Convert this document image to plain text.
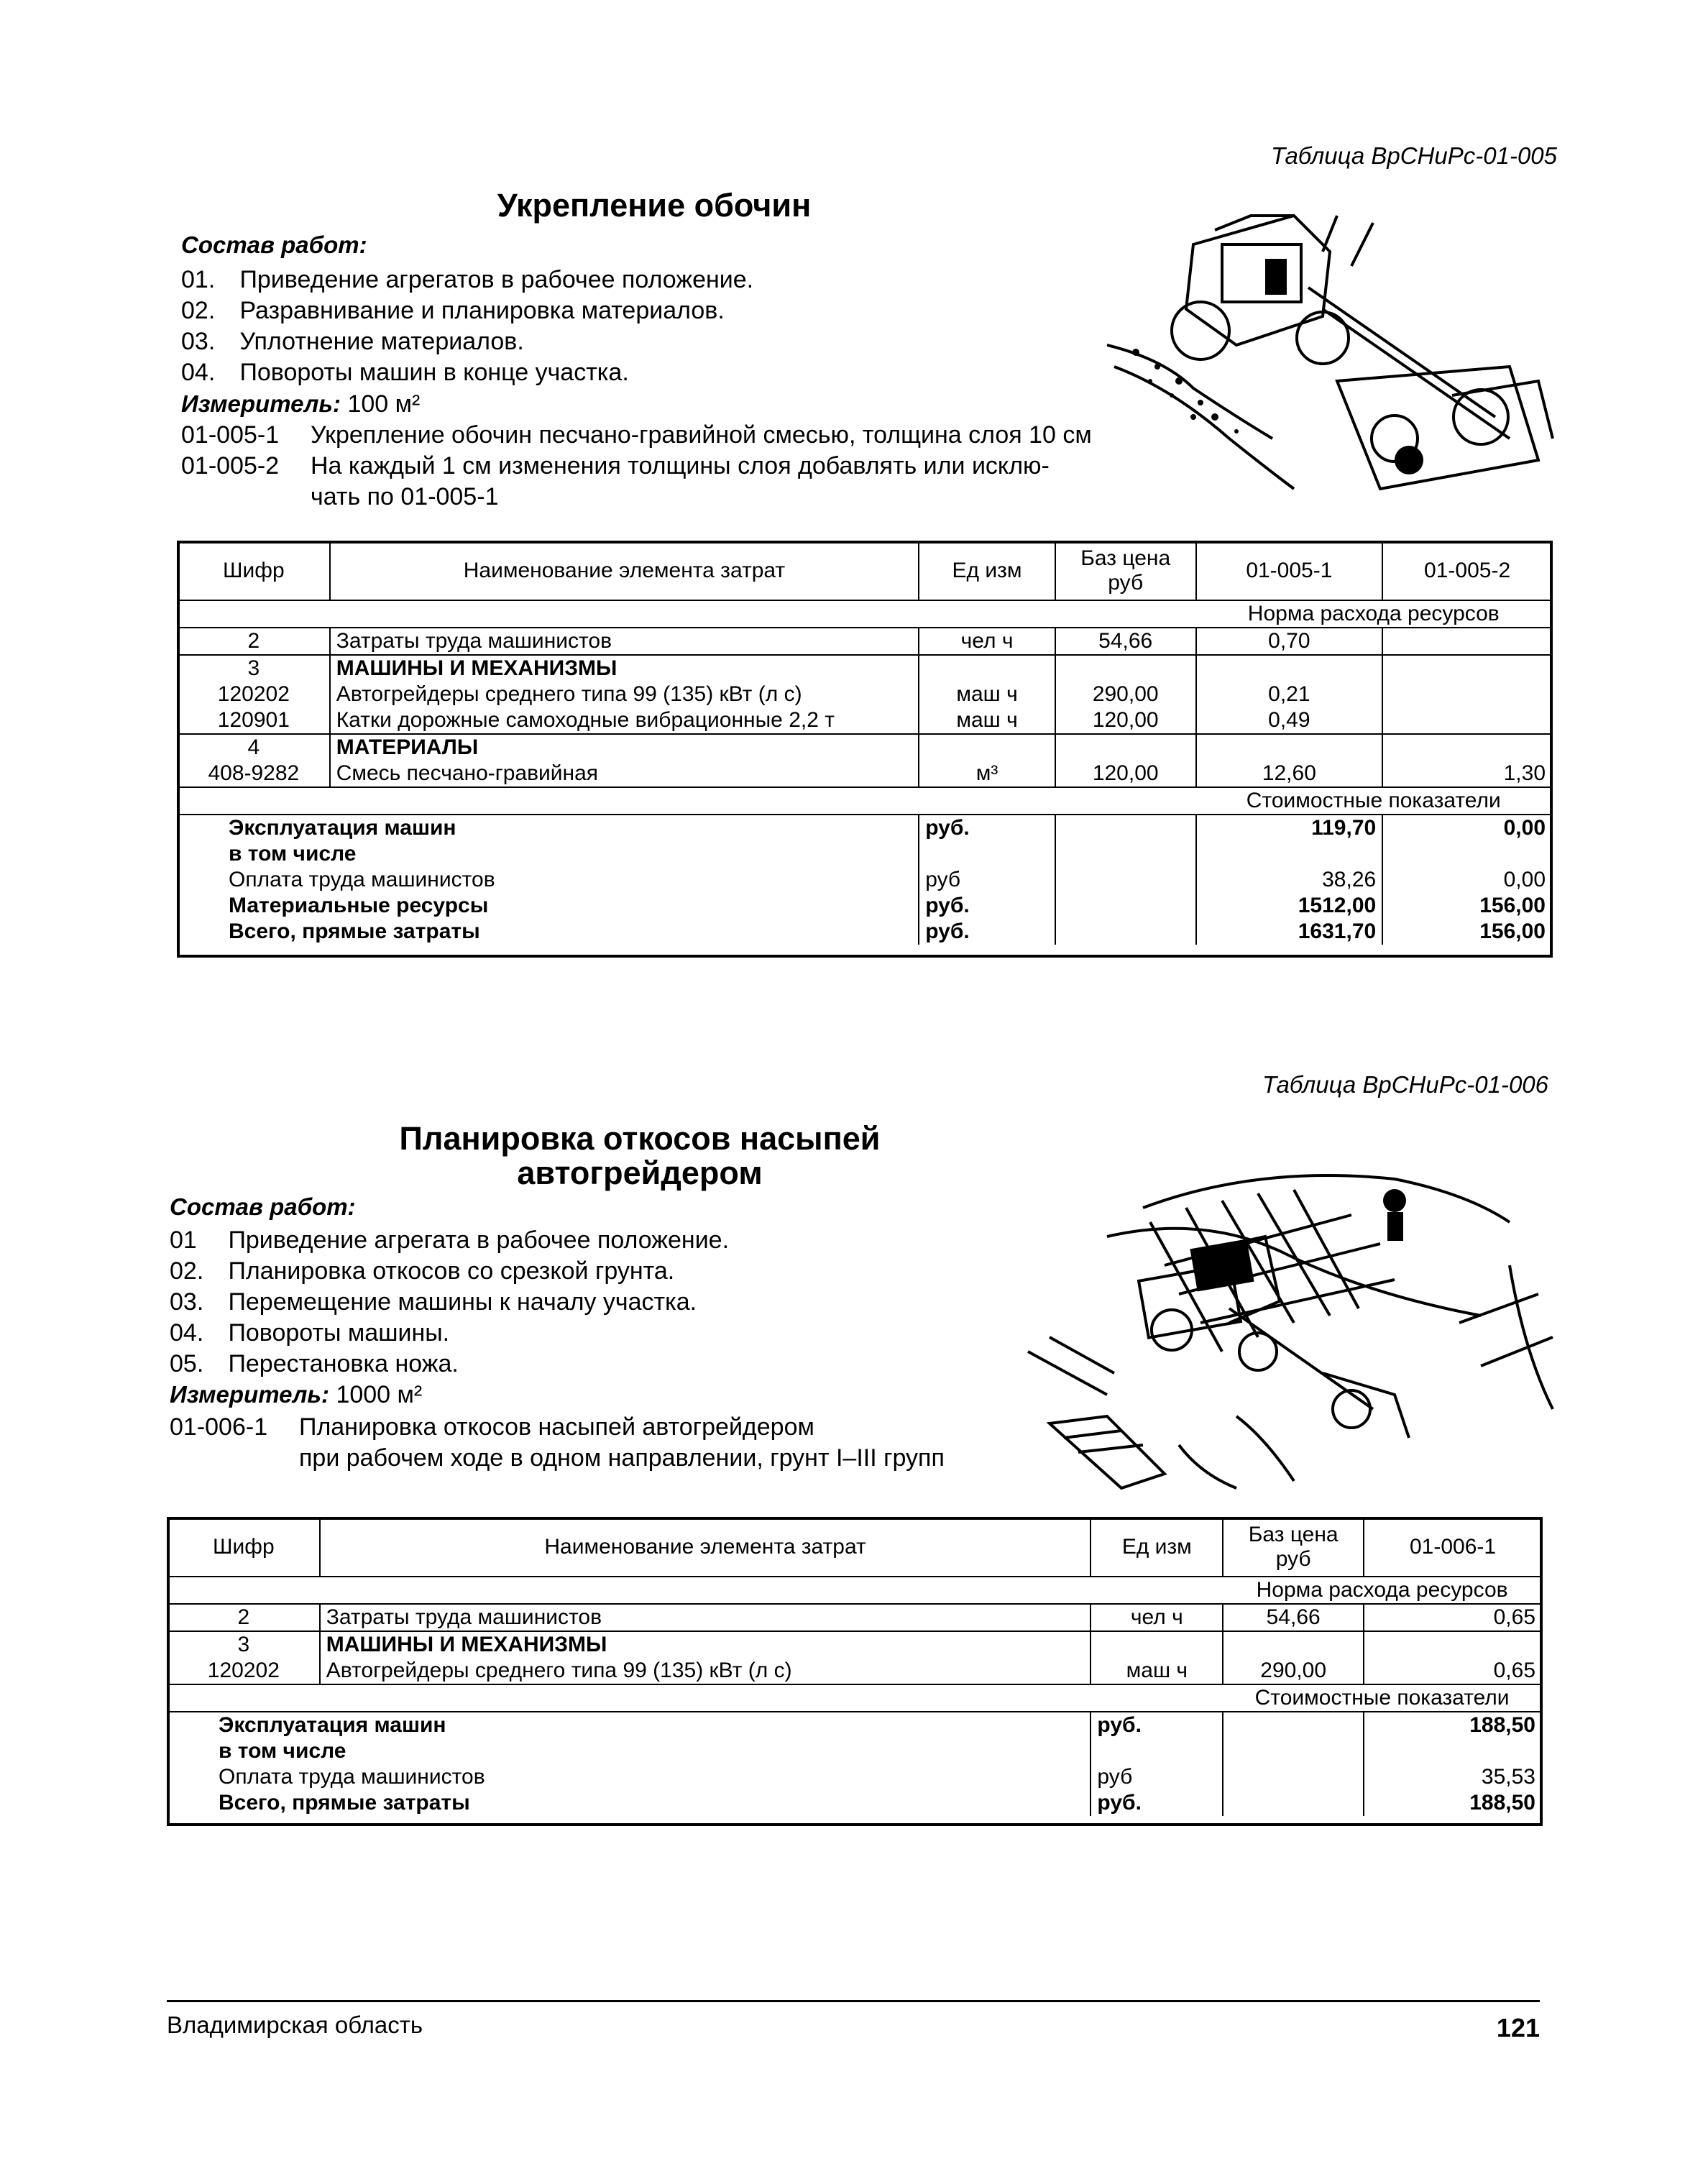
Таблица ВрСНиРс-01-005
Укрепление обочин
Состав работ:
01. Приведение агрегатов в рабочее положение.
02. Разравнивание и планировка материалов.
03. Уплотнение материалов.
04. Повороты машин в конце участка.
Измеритель: 100 м²
01-005-1 Укрепление обочин песчано-гравийной смесью, толщина слоя 10 см
01-005-2 На каждый 1 см изменения толщины слоя добавлять или исклю-
чать по 01-005-1
Шифр	Наименование элемента затрат	Ед изм	Баз цена руб	01-005-1	01-005-2
				Норма расхода ресурсов	
2	Затраты труда машинистов	чел ч	54,66	0,70	
3	МАШИНЫ И МЕХАНИЗМЫ				
120202	Автогрейдеры среднего типа 99 (135) кВт (л с)	маш ч	290,00	0,21	
120901	Катки дорожные самоходные вибрационные 2,2 т	маш ч	120,00	0,49	
4	МАТЕРИАЛЫ				
408-9282	Смесь песчано-гравийная	м³	120,00	12,60	1,30
				Стоимостные показатели	
Эксплуатация машин		руб.		119,70	0,00
в том числе					
Оплата труда машинистов		руб		38,26	0,00
Материальные ресурсы		руб.		1512,00	156,00
Всего, прямые затраты		руб.		1631,70	156,00
Таблица ВрСНиРс-01-006
Планировка откосов насыпей
автогрейдером
Состав работ:
01 Приведение агрегата в рабочее положение.
02. Планировка откосов со срезкой грунта.
03. Перемещение машины к началу участка.
04. Повороты машины.
05. Перестановка ножа.
Измеритель: 1000 м²
01-006-1 Планировка откосов насыпей автогрейдером
при рабочем ходе в одном направлении, грунт I–III групп
Шифр	Наименование элемента затрат	Ед изм	Баз цена руб	01-006-1
			Норма расхода ресурсов	
2	Затраты труда машинистов	чел ч	54,66	0,65
3	МАШИНЫ И МЕХАНИЗМЫ			
120202	Автогрейдеры среднего типа 99 (135) кВт (л с)	маш ч	290,00	0,65
			Стоимостные показатели	
Эксплуатация машин		руб.		188,50
в том числе				
Оплата труда машинистов		руб		35,53
Всего, прямые затраты		руб.		188,50
Владимирская область	121
